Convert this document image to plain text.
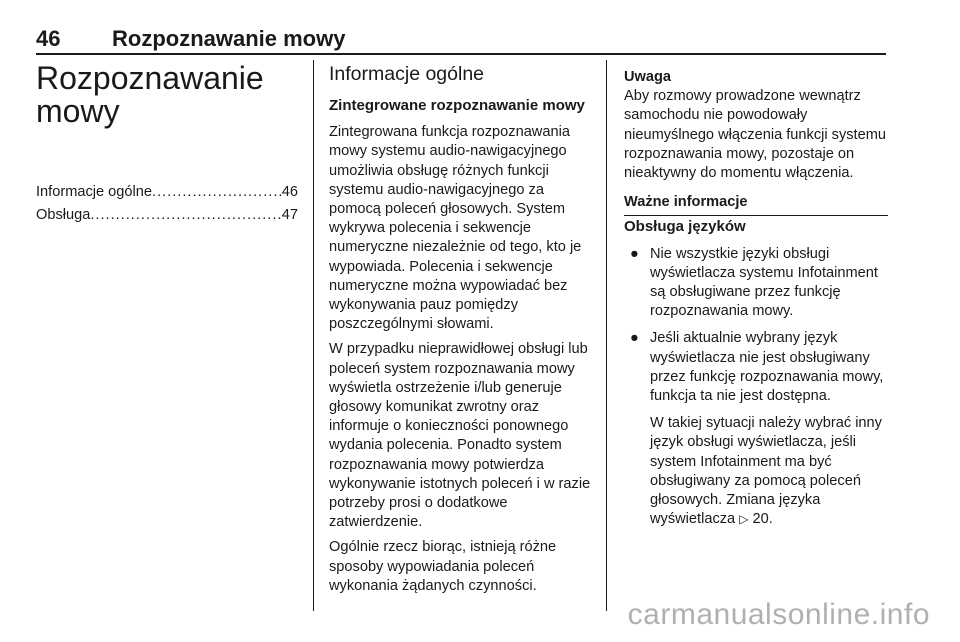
46 Rozpoznawanie mowy
Rozpoznawanie mowy
Informacje ogólne .....	46
Obsługa .....	47
Informacje ogólne
Zintegrowane rozpoznawanie mowy

Zintegrowana funkcja rozpoznawania mowy systemu audio-nawigacyjnego umożliwia obsługę różnych funkcji systemu audio-nawigacyjnego za pomocą poleceń głosowych. System wykrywa polecenia i sekwencje numeryczne niezależnie od tego, kto je wypowiada. Polecenia i sekwencje numeryczne można wypowiadać bez wykonywania pauz pomiędzy poszczególnymi słowami.

W przypadku nieprawidłowej obsługi lub poleceń system rozpoznawania mowy wyświetla ostrzeżenie i/lub generuje głosowy komunikat zwrotny oraz informuje o konieczności ponownego wydania polecenia. Ponadto system rozpoznawania mowy potwierdza wykonywanie istotnych poleceń i w razie potrzeby prosi o dodatkowe zatwierdzenie.

Ogólnie rzecz biorąc, istnieją różne sposoby wypowiadania poleceń wykonania żądanych czynności.

Uwaga

Aby rozmowy prowadzone wewnątrz samochodu nie powodowały nieumyślnego włączenia funkcji systemu rozpoznawania mowy, pozostaje on nieaktywny do momentu włączenia.

Ważne informacje
Obsługa języków
● Nie wszystkie języki obsługi wyświetlacza systemu Infotainment są obsługiwane przez funkcję rozpoznawania mowy.
● Jeśli aktualnie wybrany język wyświetlacza nie jest obsługiwany przez funkcję rozpoznawania mowy, funkcja ta nie jest dostępna.

W takiej sytuacji należy wybrać inny język obsługi wyświetlacza, jeśli system Infotainment ma być obsługiwany za pomocą poleceń głosowych. Zmiana języka wyświetlacza ▷ 20.

carmanualsonline.info
